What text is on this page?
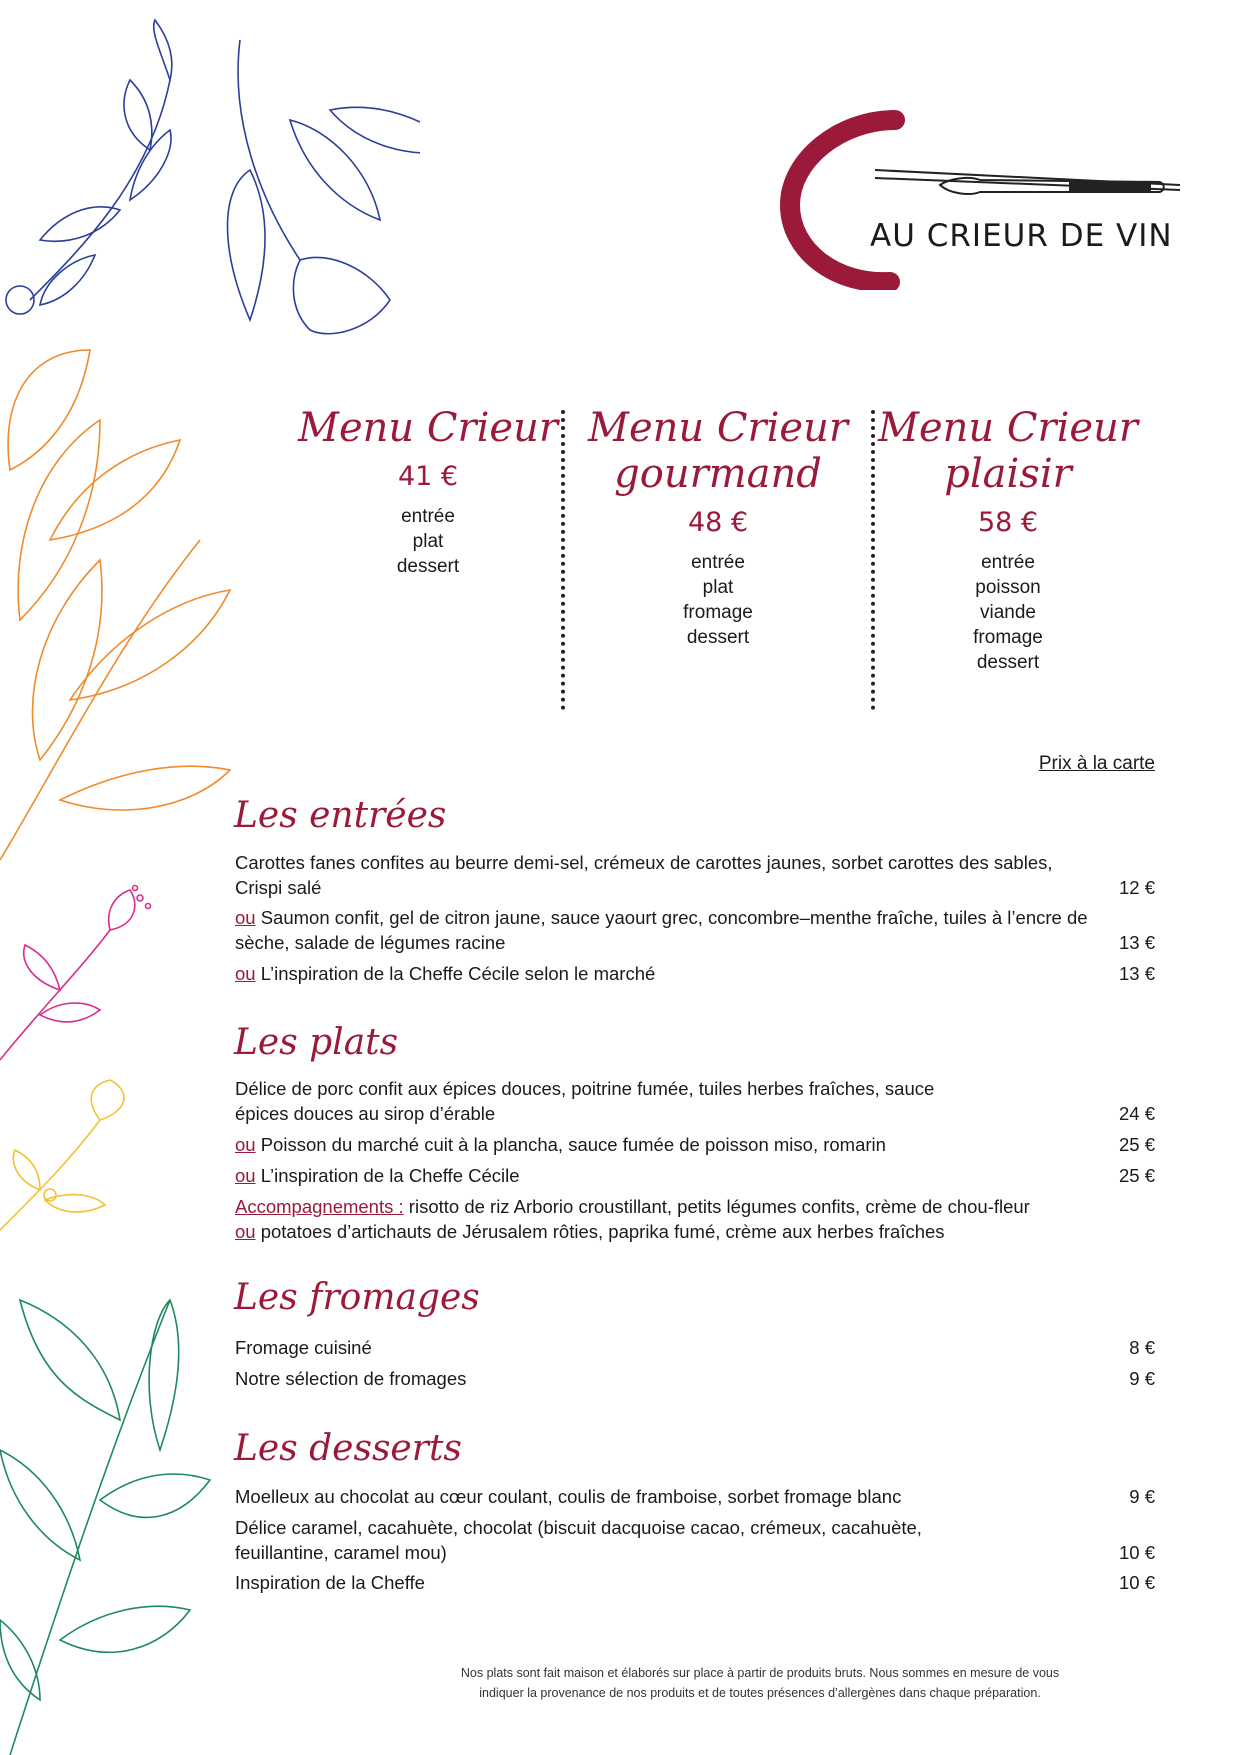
AU CRIEUR DE VIN
Menu Crieur
41 €
entrée
plat
dessert
Menu Crieur gourmand
48 €
entrée
plat
fromage
dessert
Menu Crieur plaisir
58 €
entrée
poisson
viande
fromage
dessert
Prix à la carte
Les entrées
Carottes fanes confites au beurre demi-sel, crémeux de carottes jaunes, sorbet carottes des sables, Crispi salé	12 €
ou Saumon confit, gel de citron jaune, sauce yaourt grec, concombre–menthe fraîche, tuiles à l’encre de sèche, salade de légumes racine	13 €
ou L’inspiration de la Cheffe Cécile selon le marché	13 €
Les plats
Délice de porc confit aux épices douces, poitrine fumée, tuiles herbes fraîches, sauce épices douces au sirop d’érable	24 €
ou Poisson du marché cuit à la plancha, sauce fumée de poisson miso, romarin	25 €
ou L’inspiration de la Cheffe Cécile	25 €
Accompagnements : risotto de riz Arborio croustillant, petits légumes confits, crème de chou-fleur
ou potatoes d’artichauts de Jérusalem rôties, paprika fumé, crème aux herbes fraîches
Les fromages
Fromage cuisiné	8 €
Notre sélection de fromages	9 €
Les desserts
Moelleux au chocolat au cœur coulant, coulis de framboise, sorbet fromage blanc	9 €
Délice caramel, cacahuète, chocolat (biscuit dacquoise cacao, crémeux, cacahuète, feuillantine, caramel mou)	10 €
Inspiration de la Cheffe	10 €
Nos plats sont fait maison et élaborés sur place à partir de produits bruts. Nous sommes en mesure de vous
indiquer la provenance de nos produits et de toutes présences d’allergènes dans chaque préparation.
